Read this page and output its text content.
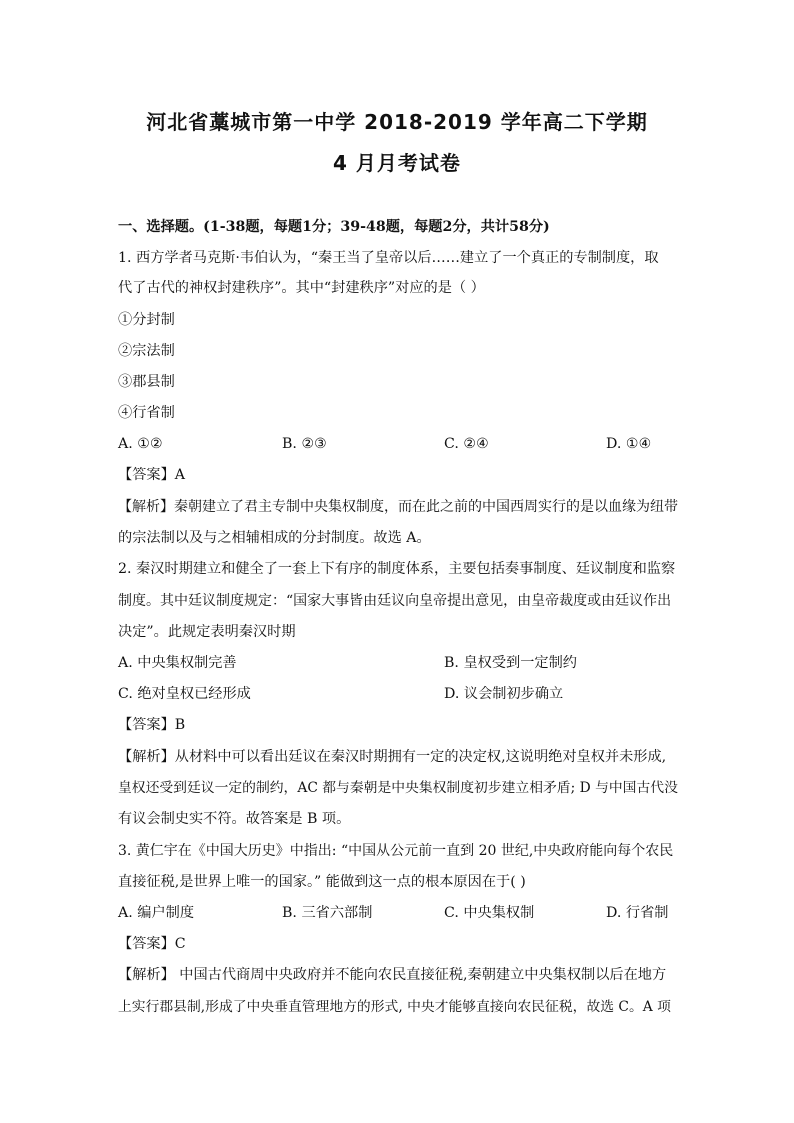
河北省藁城市第一中学 2018-2019 学年高二下学期
4 月月考试卷
一、选择题。(1-38题，每题1分；39-48题，每题2分，共计58分)
1. 西方学者马克斯·韦伯认为，“秦王当了皇帝以后……建立了一个真正的专制制度，取
代了古代的神权封建秩序”。其中“封建秩序”对应的是（ ）
①分封制
②宗法制
③郡县制
④行省制
A. ①②	B. ②③	C. ②④	D. ①④
【答案】A
【解析】秦朝建立了君主专制中央集权制度，而在此之前的中国西周实行的是以血缘为纽带
的宗法制以及与之相辅相成的分封制度。故选 A。
2. 秦汉时期建立和健全了一套上下有序的制度体系，主要包括奏事制度、廷议制度和监察
制度。其中廷议制度规定：“国家大事皆由廷议向皇帝提出意见，由皇帝裁度或由廷议作出
决定”。此规定表明秦汉时期
A. 中央集权制完善	B. 皇权受到一定制约
C. 绝对皇权已经形成	D. 议会制初步确立
【答案】B
【解析】从材料中可以看出廷议在秦汉时期拥有一定的决定权,这说明绝对皇权并未形成,
皇权还受到廷议一定的制约，AC 都与秦朝是中央集权制度初步建立相矛盾; D 与中国古代没
有议会制史实不符。故答案是 B 项。
3. 黄仁宇在《中国大历史》中指出: “中国从公元前一直到 20 世纪,中央政府能向每个农民
直接征税,是世界上唯一的国家。” 能做到这一点的根本原因在于( )
A. 编户制度	B. 三省六部制	C. 中央集权制	D. 行省制
【答案】C
【解析】 中国古代商周中央政府并不能向农民直接征税,秦朝建立中央集权制以后在地方
上实行郡县制,形成了中央垂直管理地方的形式, 中央才能够直接向农民征税，故选 C。A 项
